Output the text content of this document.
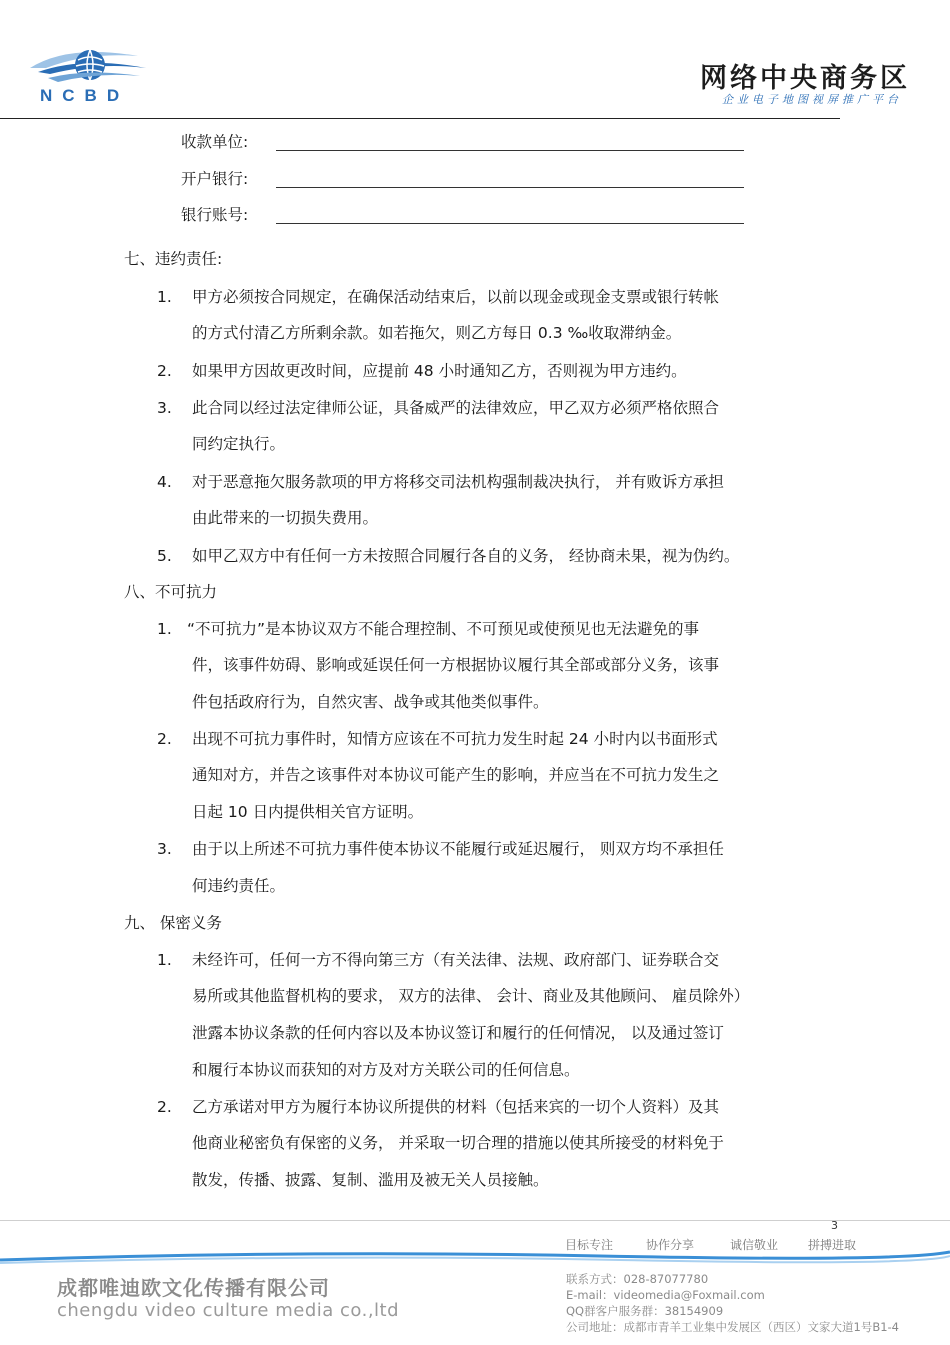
NCBD
网络中央商务区
企业电子地图视屏推广平台
收款单位:
开户银行:
银行账号:
七、违约责任:
1.	甲方必须按合同规定，在确保活动结束后，以前以现金或现金支票或银行转帐
的方式付清乙方所剩余款。如若拖欠，则乙方每日 0.3 ‰收取滞纳金。
2.	如果甲方因故更改时间，应提前 48 小时通知乙方，否则视为甲方违约。
3.	此合同以经过法定律师公证，具备威严的法律效应，甲乙双方必须严格依照合
同约定执行。
4.	对于恶意拖欠服务款项的甲方将移交司法机构强制裁决执行， 并有败诉方承担
由此带来的一切损失费用。
5.	如甲乙双方中有任何一方未按照合同履行各自的义务， 经协商未果，视为伪约。
八、不可抗力
1. “不可抗力”是本协议双方不能合理控制、不可预见或使预见也无法避免的事
件，该事件妨碍、影响或延误任何一方根据协议履行其全部或部分义务，该事
件包括政府行为，自然灾害、战争或其他类似事件。
2.	出现不可抗力事件时，知情方应该在不可抗力发生时起 24 小时内以书面形式
通知对方，并告之该事件对本协议可能产生的影响，并应当在不可抗力发生之
日起 10 日内提供相关官方证明。
3.	由于以上所述不可抗力事件使本协议不能履行或延迟履行， 则双方均不承担任
何违约责任。
九、 保密义务
1.	未经许可，任何一方不得向第三方（有关法律、法规、政府部门、证券联合交
易所或其他监督机构的要求， 双方的法律、 会计、商业及其他顾问、 雇员除外）
泄露本协议条款的任何内容以及本协议签订和履行的任何情况， 以及通过签订
和履行本协议而获知的对方及对方关联公司的任何信息。
2.	乙方承诺对甲方为履行本协议所提供的材料（包括来宾的一切个人资料）及其
他商业秘密负有保密的义务， 并采取一切合理的措施以使其所接受的材料免于
散发，传播、披露、复制、滥用及被无关人员接触。
3
目标专注	协作分享	诚信敬业 拼搏进取
成都唯迪欧文化传播有限公司
chengdu video culture media co.,ltd
联系方式：028-87077780
E-mail：videomedia@Foxmail.com
QQ群客户服务群：38154909
公司地址：成都市青羊工业集中发展区（西区）文家大道1号B1-4
